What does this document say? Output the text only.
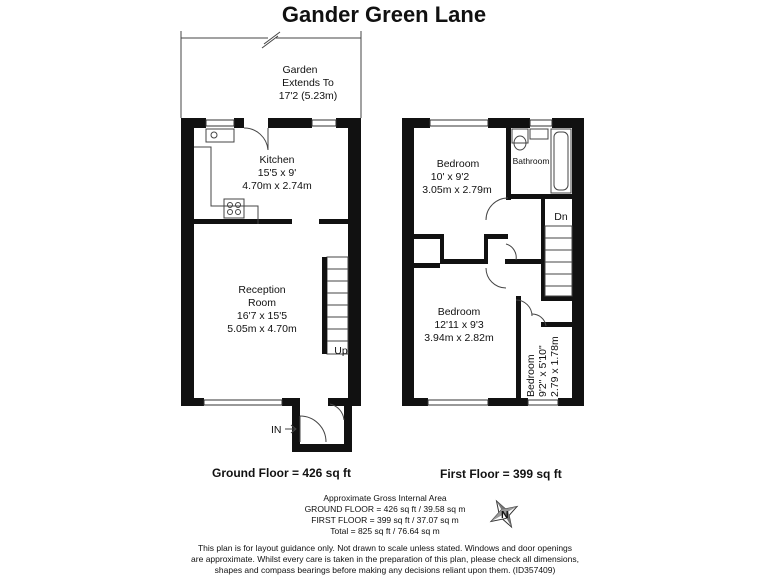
Gander Green Lane
Garden
Extends To
17'2 (5.23m)
Kitchen
15'5 x 9'
4.70m x 2.74m
Up
Reception
Room
16'7 x 15'5
5.05m x 4.70m
IN
Bathroom
Dn
Bedroom
10' x 9'2
3.05m x 2.79m
Bedroom
12'11 x 9'3
3.94m x 2.82m
Bedroom 9'2" x 5'10" 2.79 x 1.78m
N
Ground Floor = 426 sq ft	First Floor = 399 sq ft
Approximate Gross Internal Area
GROUND FLOOR = 426 sq ft / 39.58 sq m
FIRST FLOOR = 399 sq ft / 37.07 sq m
Total = 825 sq ft / 76.64 sq m
This plan is for layout guidance only. Not drawn to scale unless stated. Windows and door openings
are approximate. Whilst every care is taken in the preparation of this plan, please check all dimensions,
shapes and compass bearings before making any decisions reliant upon them. (ID357409)
